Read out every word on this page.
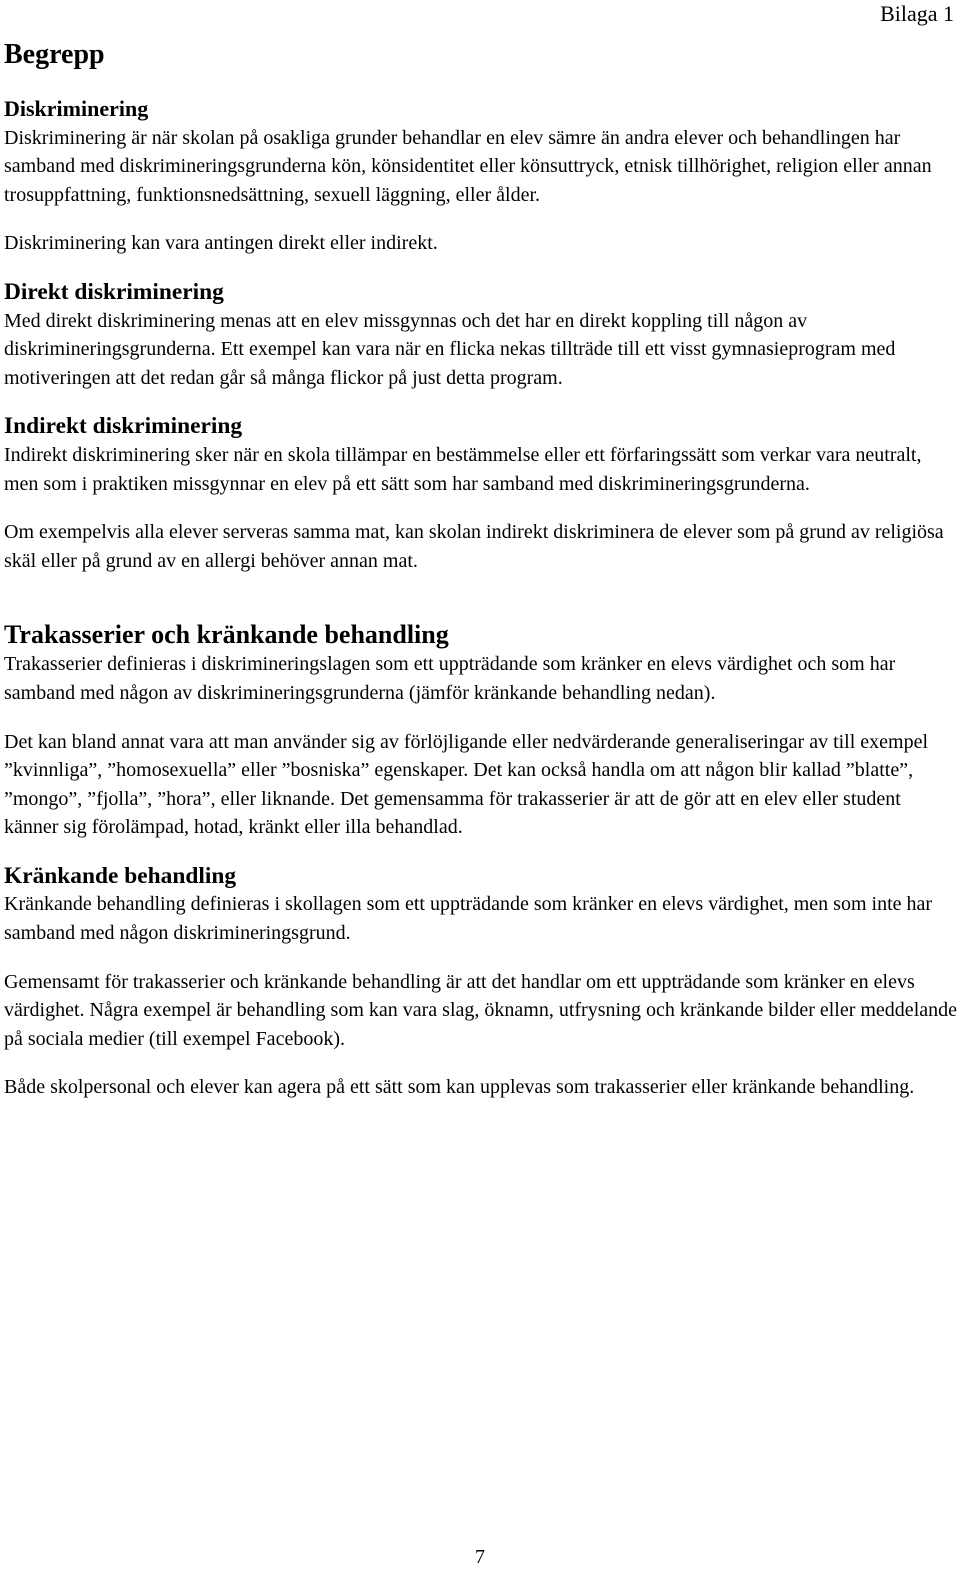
Bilaga 1
Begrepp
Diskriminering

Diskriminering är när skolan på osakliga grunder behandlar en elev sämre än andra elever och behandlingen har samband med diskrimineringsgrunderna kön, könsidentitet eller könsuttryck, etnisk tillhörighet, religion eller annan trosuppfattning, funktionsnedsättning, sexuell läggning, eller ålder.

Diskriminering kan vara antingen direkt eller indirekt.

Direkt diskriminering

Med direkt diskriminering menas att en elev missgynnas och det har en direkt koppling till någon av diskrimineringsgrunderna. Ett exempel kan vara när en flicka nekas tillträde till ett visst gymnasieprogram med motiveringen att det redan går så många flickor på just detta program.

Indirekt diskriminering

Indirekt diskriminering sker när en skola tillämpar en bestämmelse eller ett förfaringssätt som verkar vara neutralt, men som i praktiken missgynnar en elev på ett sätt som har samband med diskrimineringsgrunderna.

Om exempelvis alla elever serveras samma mat, kan skolan indirekt diskriminera de elever som på grund av religiösa skäl eller på grund av en allergi behöver annan mat.

Trakasserier och kränkande behandling

Trakasserier definieras i diskrimineringslagen som ett uppträdande som kränker en elevs värdighet och som har samband med någon av diskrimineringsgrunderna (jämför kränkande behandling nedan).

Det kan bland annat vara att man använder sig av förlöjligande eller nedvärderande generaliseringar av till exempel ”kvinnliga”, ”homosexuella” eller ”bosniska” egenskaper. Det kan också handla om att någon blir kallad ”blatte”, ”mongo”, ”fjolla”, ”hora”, eller liknande. Det gemensamma för trakasserier är att de gör att en elev eller student känner sig förolämpad, hotad, kränkt eller illa behandlad.

Kränkande behandling

Kränkande behandling definieras i skollagen som ett uppträdande som kränker en elevs värdighet, men som inte har samband med någon diskrimineringsgrund.

Gemensamt för trakasserier och kränkande behandling är att det handlar om ett uppträdande som kränker en elevs värdighet. Några exempel är behandling som kan vara slag, öknamn, utfrysning och kränkande bilder eller meddelande på sociala medier (till exempel Facebook).

Både skolpersonal och elever kan agera på ett sätt som kan upplevas som trakasserier eller kränkande behandling.

7
